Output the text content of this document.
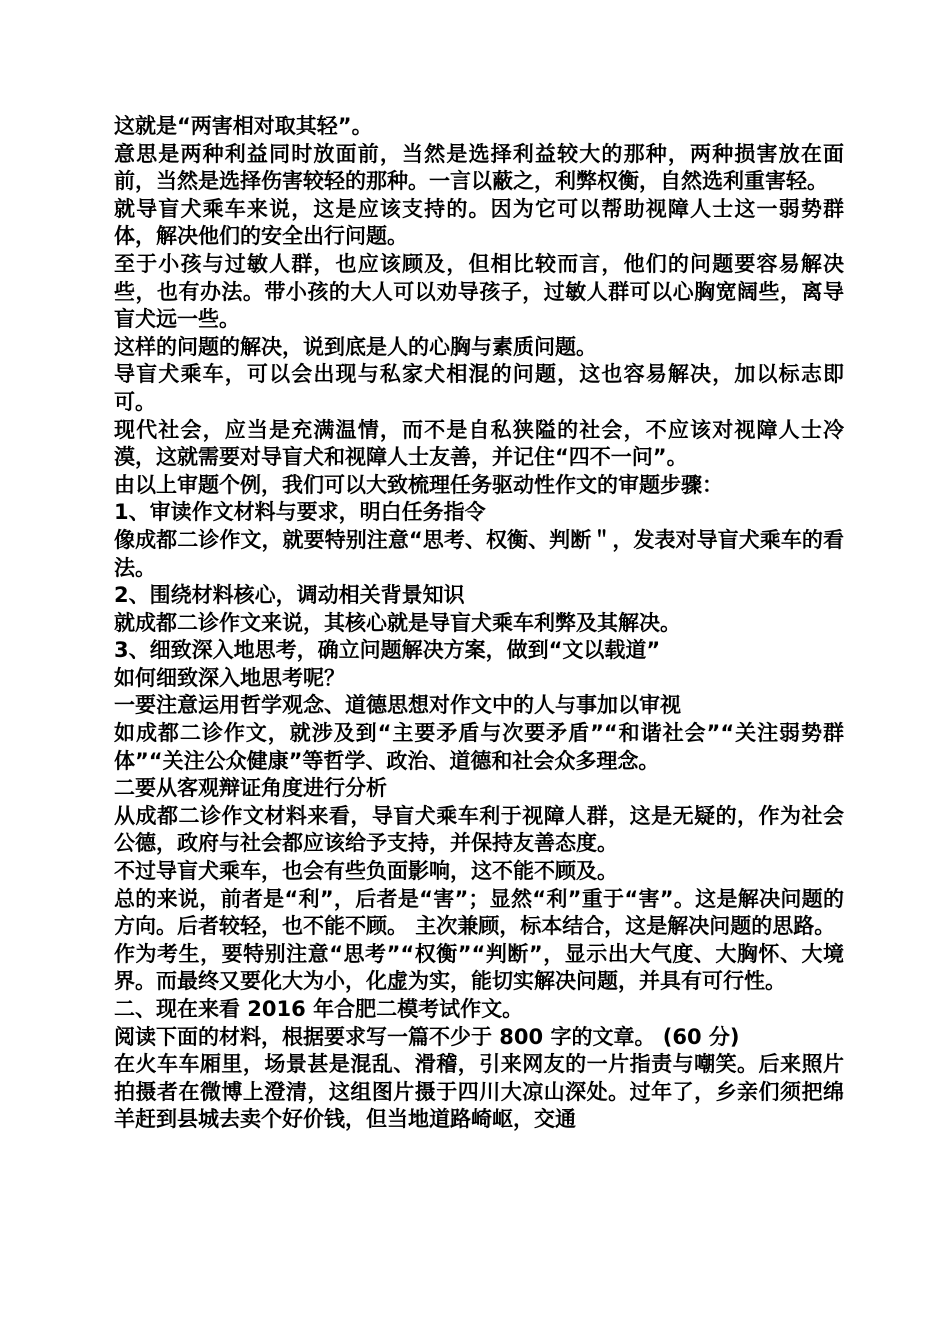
这就是“两害相对取其轻”。

意思是两种利益同时放面前，当然是选择利益较大的那种，两种损害放在面前，当然是选择伤害较轻的那种。一言以蔽之，利弊权衡，自然选利重害轻。

就导盲犬乘车来说，这是应该支持的。因为它可以帮助视障人士这一弱势群体，解决他们的安全出行问题。

至于小孩与过敏人群，也应该顾及，但相比较而言，他们的问题要容易解决些，也有办法。带小孩的大人可以劝导孩子，过敏人群可以心胸宽阔些，离导盲犬远一些。

这样的问题的解决，说到底是人的心胸与素质问题。

导盲犬乘车，可以会出现与私家犬相混的问题，这也容易解决，加以标志即可。

现代社会，应当是充满温情，而不是自私狭隘的社会，不应该对视障人士冷漠，这就需要对导盲犬和视障人士友善，并记住“四不一问”。

由以上审题个例，我们可以大致梳理任务驱动性作文的审题步骤：

1、审读作文材料与要求，明白任务指令

像成都二诊作文，就要特别注意“思考、权衡、判断＂，发表对导盲犬乘车的看法。

2、围绕材料核心，调动相关背景知识

就成都二诊作文来说，其核心就是导盲犬乘车利弊及其解决。

3、细致深入地思考，确立问题解决方案，做到“文以载道”

如何细致深入地思考呢？

一要注意运用哲学观念、道德思想对作文中的人与事加以审视

如成都二诊作文，就涉及到“主要矛盾与次要矛盾”“和谐社会”“关注弱势群体”“关注公众健康”等哲学、政治、道德和社会众多理念。

二要从客观辩证角度进行分析

从成都二诊作文材料来看，导盲犬乘车利于视障人群，这是无疑的，作为社会公德，政府与社会都应该给予支持，并保持友善态度。

不过导盲犬乘车，也会有些负面影响，这不能不顾及。

总的来说，前者是“利”，后者是“害”；显然“利”重于“害”。这是解决问题的方向。后者较轻，也不能不顾。 主次兼顾，标本结合，这是解决问题的思路。

作为考生，要特别注意“思考”“权衡”“判断”，显示出大气度、大胸怀、大境界。而最终又要化大为小，化虚为实，能切实解决问题，并具有可行性。

二、现在来看 2016 年合肥二模考试作文。

阅读下面的材料，根据要求写一篇不少于 800 字的文章。 (60 分)

在火车车厢里，场景甚是混乱、滑稽，引来网友的一片指责与嘲笑。后来照片拍摄者在微博上澄清，这组图片摄于四川大凉山深处。过年了，乡亲们须把绵羊赶到县城去卖个好价钱，但当地道路崎岖，交通
